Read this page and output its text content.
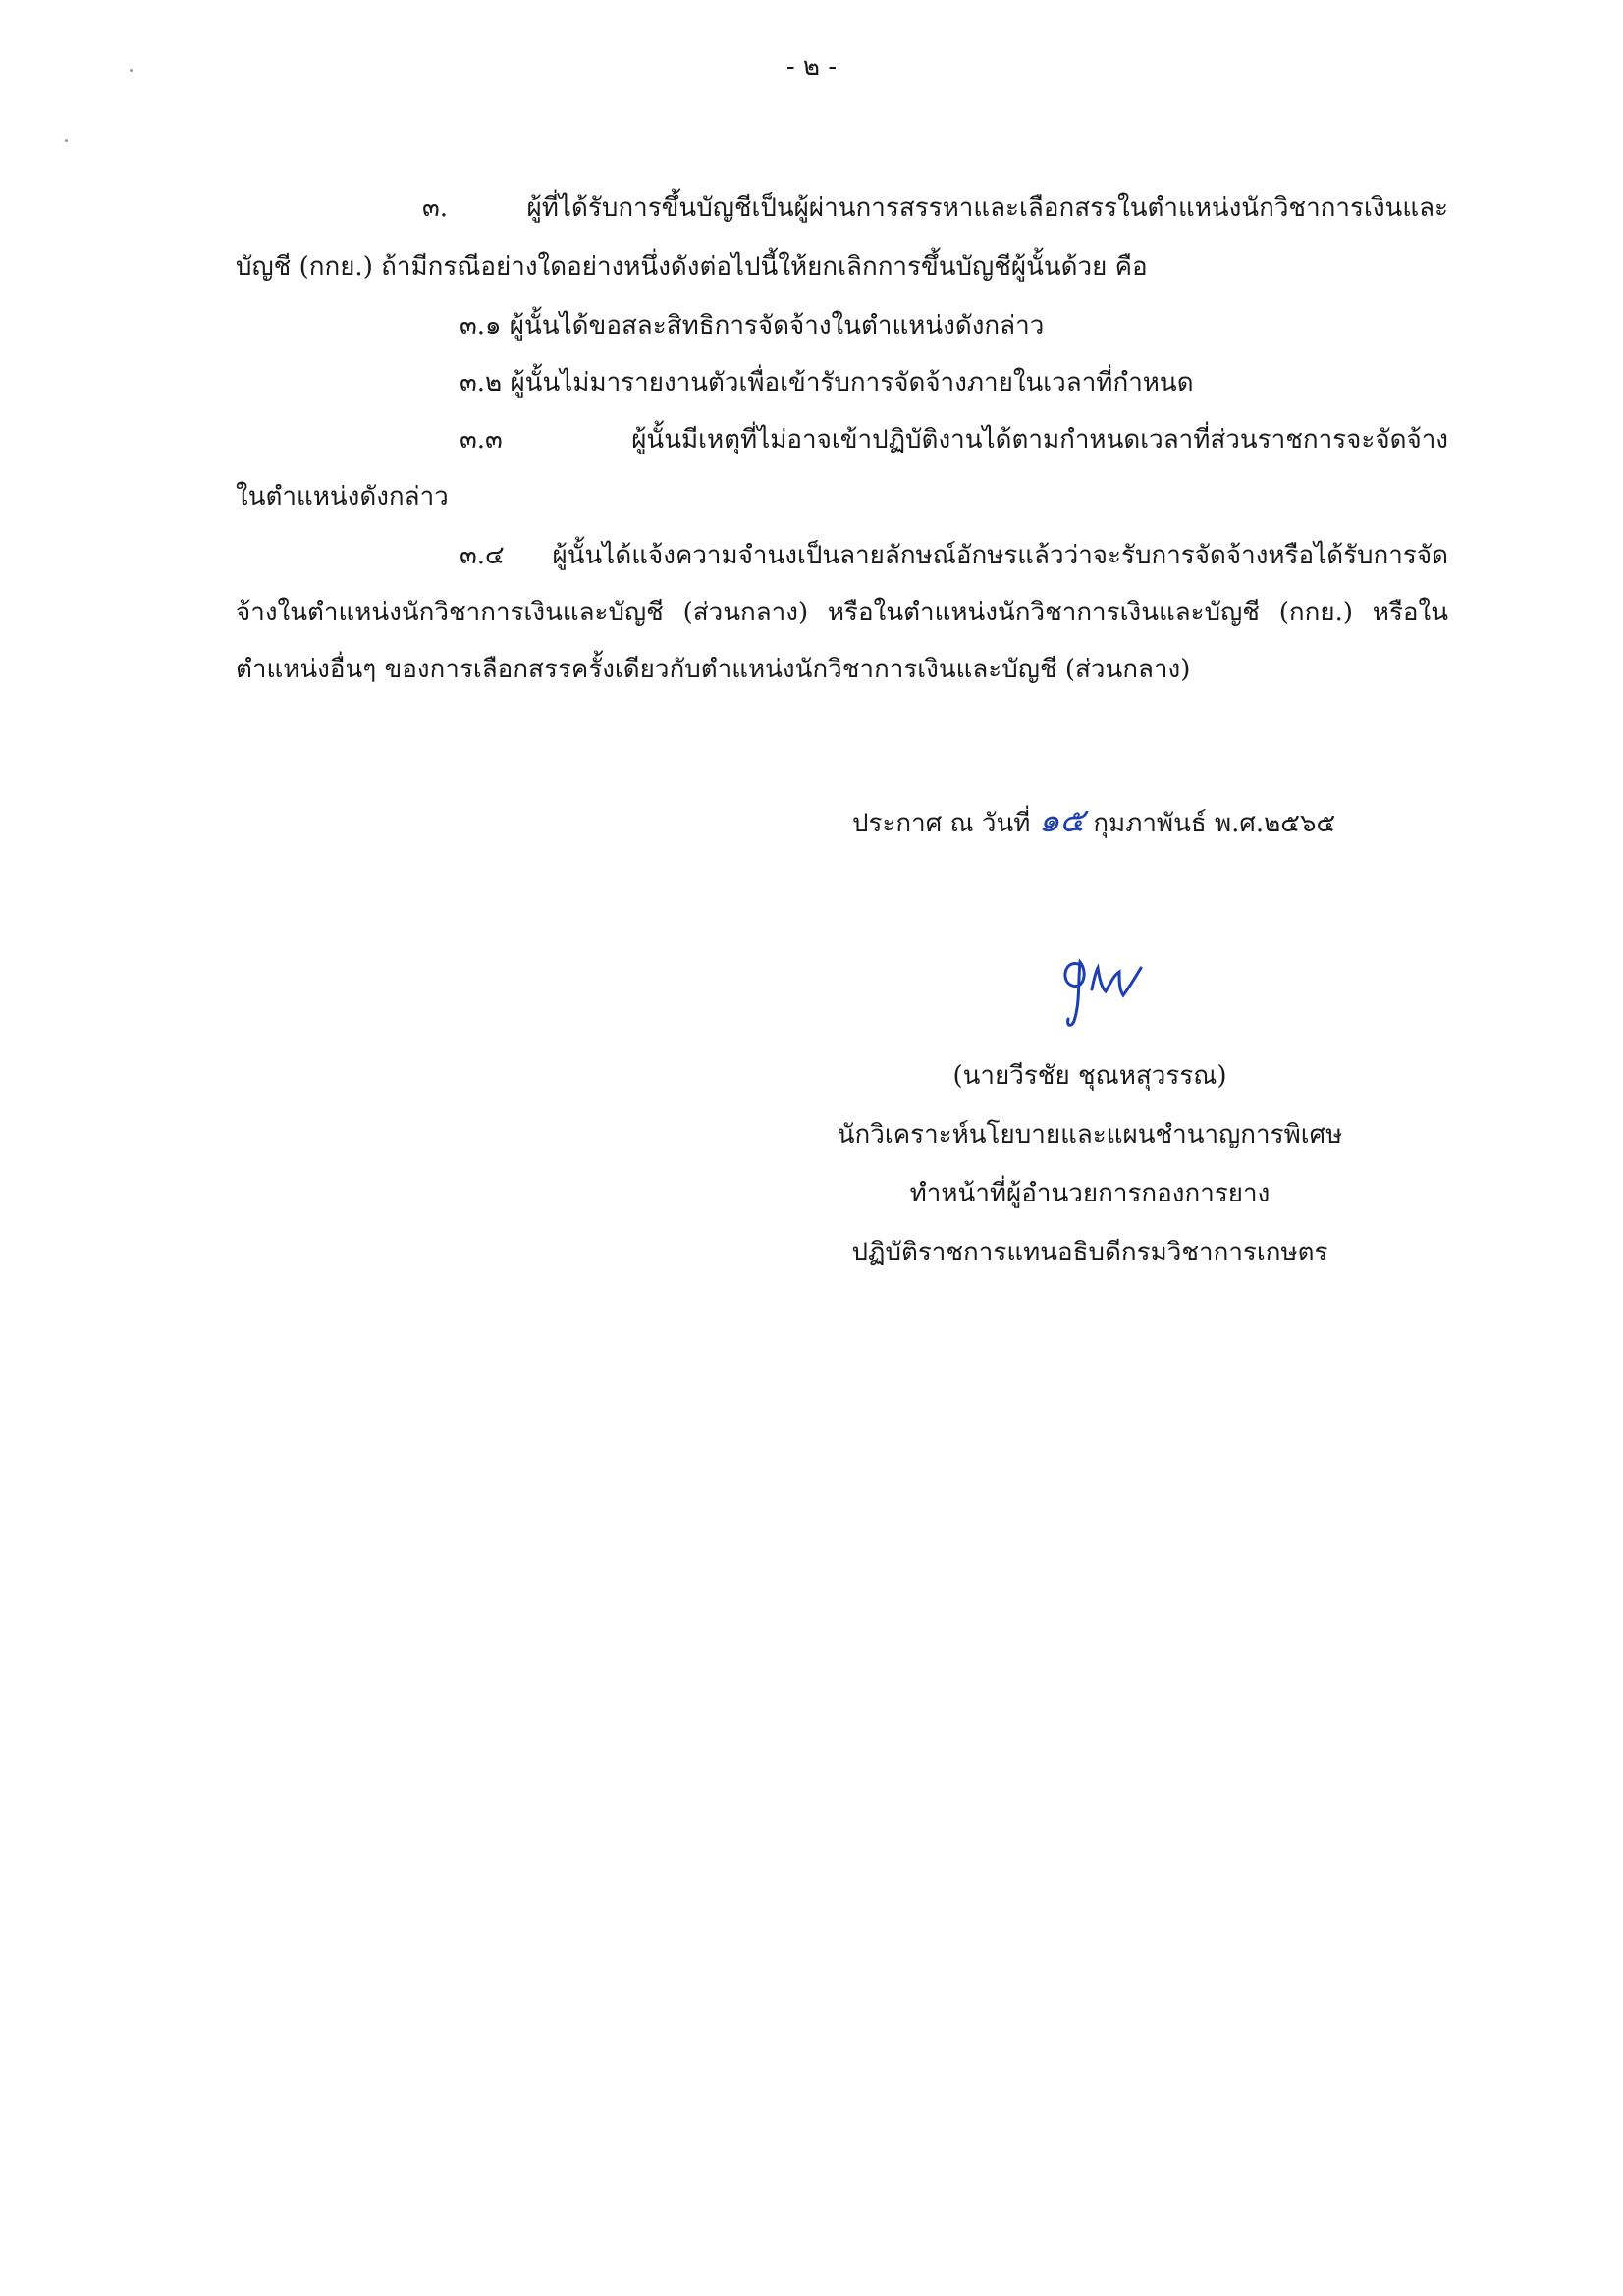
- ๒ -
๓. ผู้ที่ได้รับการขึ้นบัญชีเป็นผู้ผ่านการสรรหาและเลือกสรรในตำแหน่งนักวิชาการเงินและ
บัญชี (กกย.) ถ้ามีกรณีอย่างใดอย่างหนึ่งดังต่อไปนี้ให้ยกเลิกการขึ้นบัญชีผู้นั้นด้วย คือ
๓.๑ ผู้นั้นได้ขอสละสิทธิการจัดจ้างในตำแหน่งดังกล่าว
๓.๒ ผู้นั้นไม่มารายงานตัวเพื่อเข้ารับการจัดจ้างภายในเวลาที่กำหนด
๓.๓ ผู้นั้นมีเหตุที่ไม่อาจเข้าปฏิบัติงานได้ตามกำหนดเวลาที่ส่วนราชการจะจัดจ้าง
ในตำแหน่งดังกล่าว
๓.๔ ผู้นั้นได้แจ้งความจำนงเป็นลายลักษณ์อักษรแล้วว่าจะรับการจัดจ้างหรือได้รับการจัด
จ้างในตำแหน่งนักวิชาการเงินและบัญชี (ส่วนกลาง) หรือในตำแหน่งนักวิชาการเงินและบัญชี (กกย.) หรือใน
ตำแหน่งอื่นๆ ของการเลือกสรรครั้งเดียวกับตำแหน่งนักวิชาการเงินและบัญชี (ส่วนกลาง)
ประกาศ ณ วันที่ ๑๕ กุมภาพันธ์ พ.ศ.๒๕๖๕
(นายวีรชัย ชุณหสุวรรณ)
นักวิเคราะห์นโยบายและแผนชำนาญการพิเศษ
ทำหน้าที่ผู้อำนวยการกองการยาง
ปฏิบัติราชการแทนอธิบดีกรมวิชาการเกษตร
